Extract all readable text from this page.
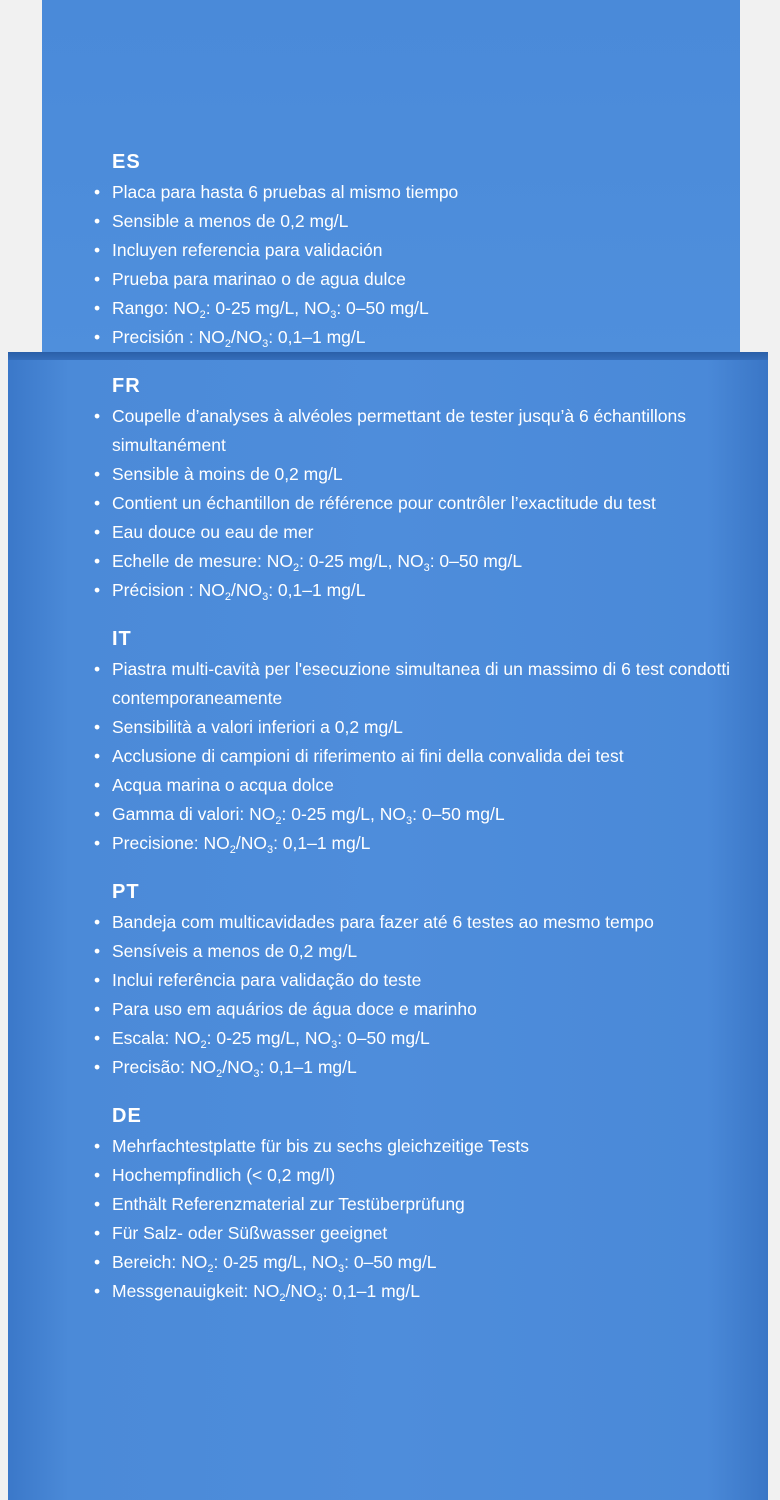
ES
• Placa para hasta 6 pruebas al mismo tiempo
• Sensible a menos de 0,2 mg/L
• Incluyen referencia para validación
• Prueba para marinao o de agua dulce
• Rango: $NO_2$: 0-25 mg/L, $NO_3$: 0–50 mg/L
• Precisión : $NO_2/NO_3$: 0,1–1 mg/L
FR
• Coupelle d’analyses à alvéoles permettant de tester jusqu’à 6 échantillons simultanément
• Sensible à moins de 0,2 mg/L
• Contient un échantillon de référence pour contrôler l’exactitude du test
• Eau douce ou eau de mer
• Echelle de mesure: $NO_2$: 0-25 mg/L, $NO_3$: 0–50 mg/L
• Précision : $NO_2/NO_3$: 0,1–1 mg/L
IT
• Piastra multi-cavità per l'esecuzione simultanea di un massimo di 6 test condotti contemporaneamente
• Sensibilità a valori inferiori a 0,2 mg/L
• Acclusione di campioni di riferimento ai fini della convalida dei test
• Acqua marina o acqua dolce
• Gamma di valori: $NO_2$: 0-25 mg/L, $NO_3$: 0–50 mg/L
• Precisione: $NO_2/NO_3$: 0,1–1 mg/L
PT
• Bandeja com multicavidades para fazer até 6 testes ao mesmo tempo
• Sensíveis a menos de 0,2 mg/L
• Inclui referência para validação do teste
• Para uso em aquários de água doce e marinho
• Escala: $NO_2$: 0-25 mg/L, $NO_3$: 0–50 mg/L
• Precisão: $NO_2/NO_3$: 0,1–1 mg/L
DE
• Mehrfachtestplatte für bis zu sechs gleichzeitige Tests
• Hochempfindlich (< 0,2 mg/l)
• Enthält Referenzmaterial zur Testüberprüfung
• Für Salz- oder Süßwasser geeignet
• Bereich: $NO_2$: 0-25 mg/L, $NO_3$: 0–50 mg/L
• Messgenauigkeit: $NO_2/NO_3$: 0,1–1 mg/L
